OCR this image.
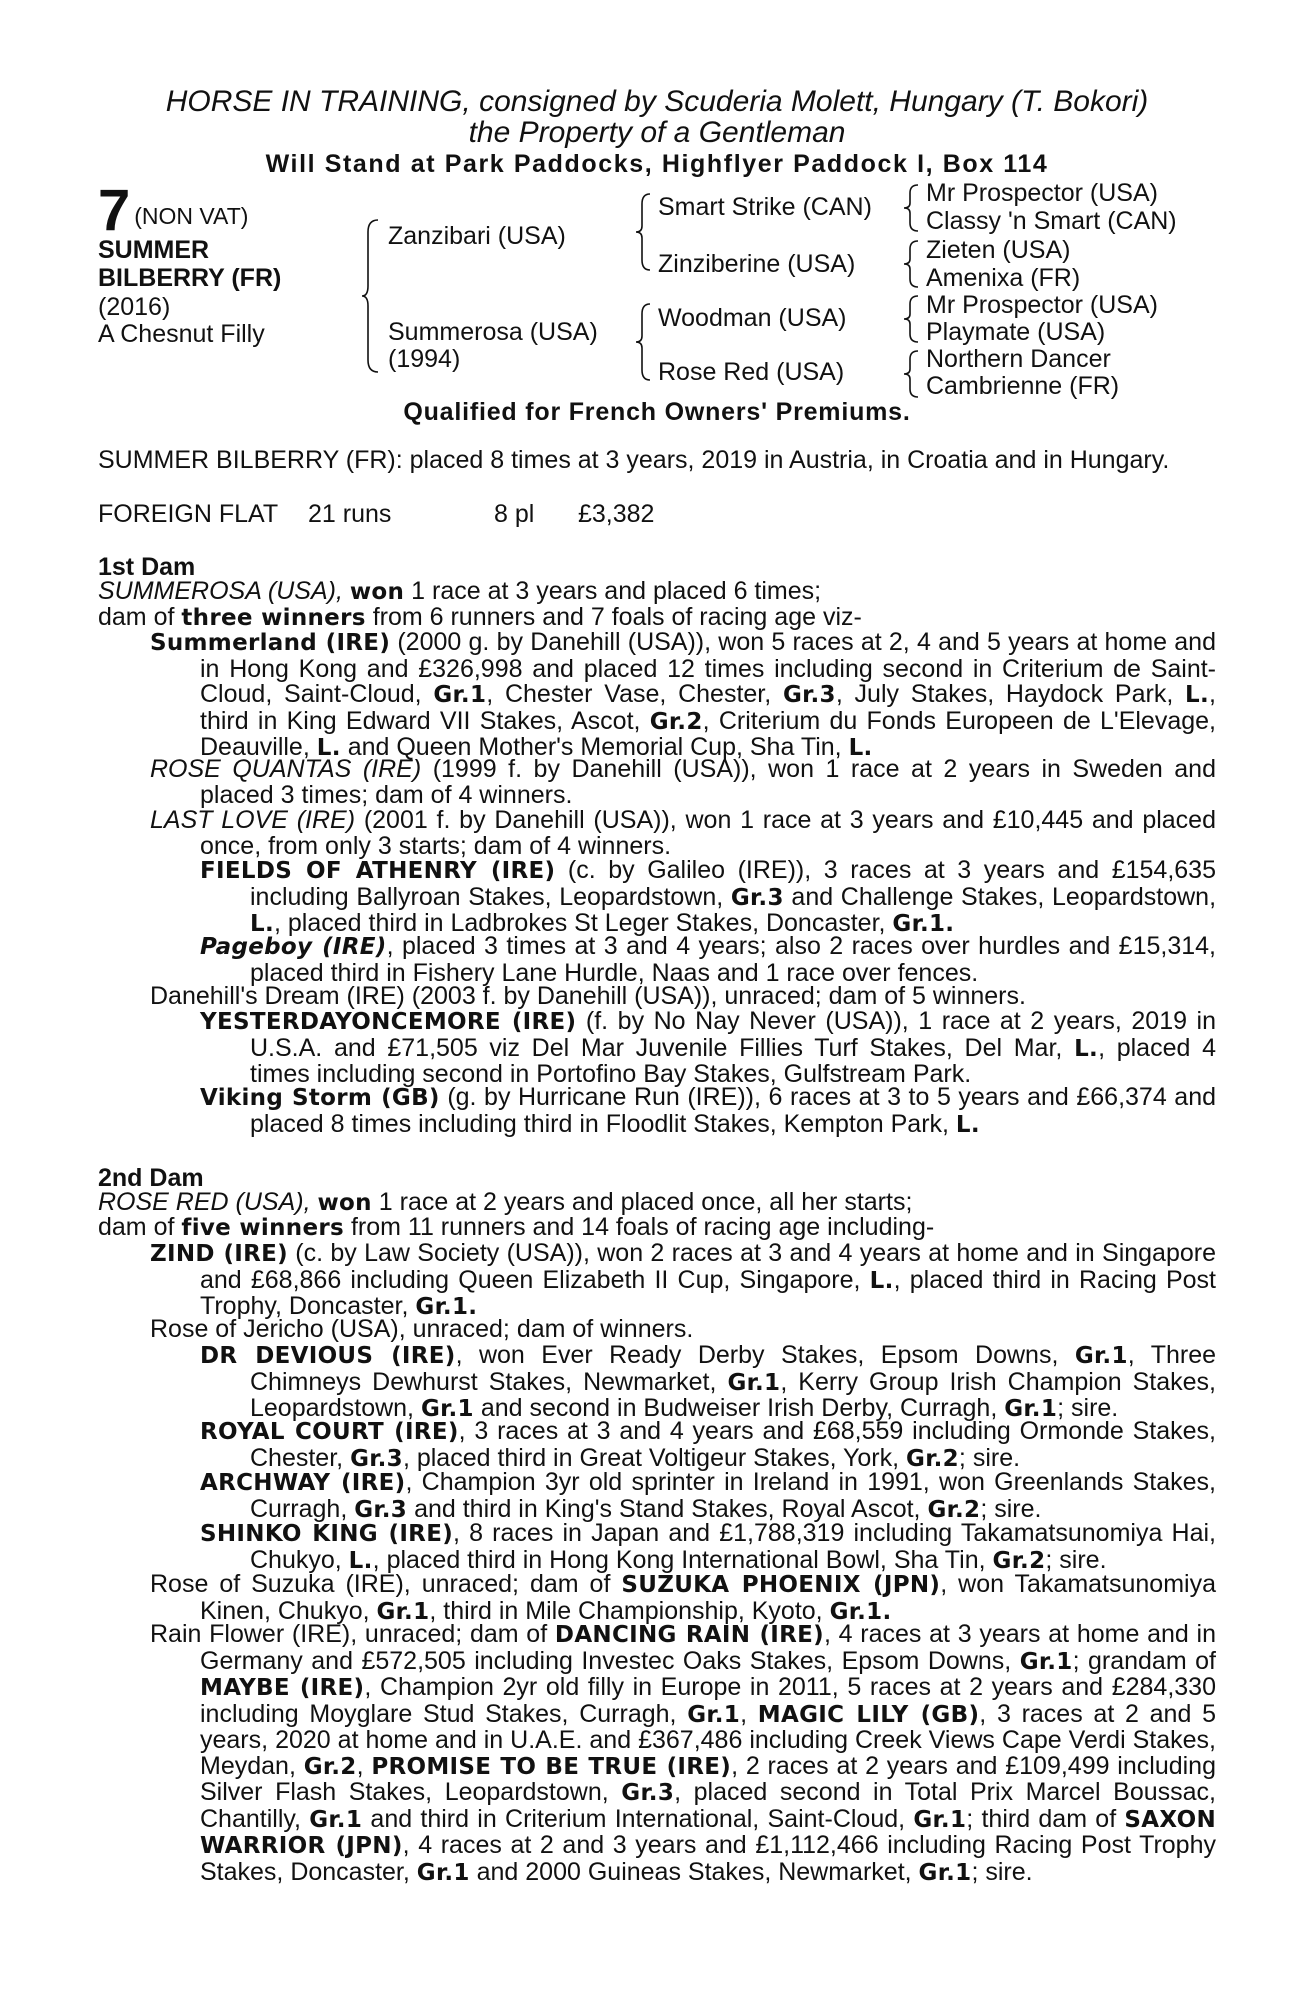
HORSE IN TRAINING, consigned by Scuderia Molett, Hungary (T. Bokori)
the Property of a Gentleman
Will Stand at Park Paddocks, Highflyer Paddock I, Box 114
7 (NON VAT)
SUMMER
BILBERRY (FR)
(2016)
A Chesnut Filly
Zanzibari (USA)
Summerosa (USA)
(1994)
Smart Strike (CAN)
Zinziberine (USA)
Woodman (USA)
Rose Red (USA)
Mr Prospector (USA)
Classy 'n Smart (CAN)
Zieten (USA)
Amenixa (FR)
Mr Prospector (USA)
Playmate (USA)
Northern Dancer
Cambrienne (FR)
Qualified for French Owners' Premiums.
SUMMER BILBERRY (FR): placed 8 times at 3 years, 2019 in Austria, in Croatia and in Hungary.
FOREIGN FLAT 21 runs	8 pl £3,382
1st Dam

SUMMEROSA (USA), won 1 race at 3 years and placed 6 times;

dam of three winners from 6 runners and 7 foals of racing age viz-

Summerland (IRE) (2000 g. by Danehill (USA)), won 5 races at 2, 4 and 5 years at home and in Hong Kong and £326,998 and placed 12 times including second in Criterium de Saint-Cloud, Saint-Cloud, Gr.1, Chester Vase, Chester, Gr.3, July Stakes, Haydock Park, L., third in King Edward VII Stakes, Ascot, Gr.2, Criterium du Fonds Europeen de L'Elevage, Deauville, L. and Queen Mother's Memorial Cup, Sha Tin, L.

ROSE QUANTAS (IRE) (1999 f. by Danehill (USA)), won 1 race at 2 years in Sweden and placed 3 times; dam of 4 winners.

LAST LOVE (IRE) (2001 f. by Danehill (USA)), won 1 race at 3 years and £10,445 and placed once, from only 3 starts; dam of 4 winners.

FIELDS OF ATHENRY (IRE) (c. by Galileo (IRE)), 3 races at 3 years and £154,635 including Ballyroan Stakes, Leopardstown, Gr.3 and Challenge Stakes, Leopardstown, L., placed third in Ladbrokes St Leger Stakes, Doncaster, Gr.1.

Pageboy (IRE), placed 3 times at 3 and 4 years; also 2 races over hurdles and £15,314, placed third in Fishery Lane Hurdle, Naas and 1 race over fences.

Danehill's Dream (IRE) (2003 f. by Danehill (USA)), unraced; dam of 5 winners.

YESTERDAYONCEMORE (IRE) (f. by No Nay Never (USA)), 1 race at 2 years, 2019 in U.S.A. and £71,505 viz Del Mar Juvenile Fillies Turf Stakes, Del Mar, L., placed 4 times including second in Portofino Bay Stakes, Gulfstream Park.

Viking Storm (GB) (g. by Hurricane Run (IRE)), 6 races at 3 to 5 years and £66,374 and placed 8 times including third in Floodlit Stakes, Kempton Park, L.

2nd Dam

ROSE RED (USA), won 1 race at 2 years and placed once, all her starts;

dam of five winners from 11 runners and 14 foals of racing age including-

ZIND (IRE) (c. by Law Society (USA)), won 2 races at 3 and 4 years at home and in Singapore and £68,866 including Queen Elizabeth II Cup, Singapore, L., placed third in Racing Post Trophy, Doncaster, Gr.1.

Rose of Jericho (USA), unraced; dam of winners.

DR DEVIOUS (IRE), won Ever Ready Derby Stakes, Epsom Downs, Gr.1, Three Chimneys Dewhurst Stakes, Newmarket, Gr.1, Kerry Group Irish Champion Stakes, Leopardstown, Gr.1 and second in Budweiser Irish Derby, Curragh, Gr.1; sire.

ROYAL COURT (IRE), 3 races at 3 and 4 years and £68,559 including Ormonde Stakes, Chester, Gr.3, placed third in Great Voltigeur Stakes, York, Gr.2; sire.

ARCHWAY (IRE), Champion 3yr old sprinter in Ireland in 1991, won Greenlands Stakes, Curragh, Gr.3 and third in King's Stand Stakes, Royal Ascot, Gr.2; sire.

SHINKO KING (IRE), 8 races in Japan and £1,788,319 including Takamatsunomiya Hai, Chukyo, L., placed third in Hong Kong International Bowl, Sha Tin, Gr.2; sire.

Rose of Suzuka (IRE), unraced; dam of SUZUKA PHOENIX (JPN), won Takamatsunomiya Kinen, Chukyo, Gr.1, third in Mile Championship, Kyoto, Gr.1.

Rain Flower (IRE), unraced; dam of DANCING RAIN (IRE), 4 races at 3 years at home and in Germany and £572,505 including Investec Oaks Stakes, Epsom Downs, Gr.1; grandam of MAYBE (IRE), Champion 2yr old filly in Europe in 2011, 5 races at 2 years and £284,330 including Moyglare Stud Stakes, Curragh, Gr.1, MAGIC LILY (GB), 3 races at 2 and 5 years, 2020 at home and in U.A.E. and £367,486 including Creek Views Cape Verdi Stakes, Meydan, Gr.2, PROMISE TO BE TRUE (IRE), 2 races at 2 years and £109,499 including Silver Flash Stakes, Leopardstown, Gr.3, placed second in Total Prix Marcel Boussac, Chantilly, Gr.1 and third in Criterium International, Saint-Cloud, Gr.1; third dam of SAXON WARRIOR (JPN), 4 races at 2 and 3 years and £1,112,466 including Racing Post Trophy Stakes, Doncaster, Gr.1 and 2000 Guineas Stakes, Newmarket, Gr.1; sire.
